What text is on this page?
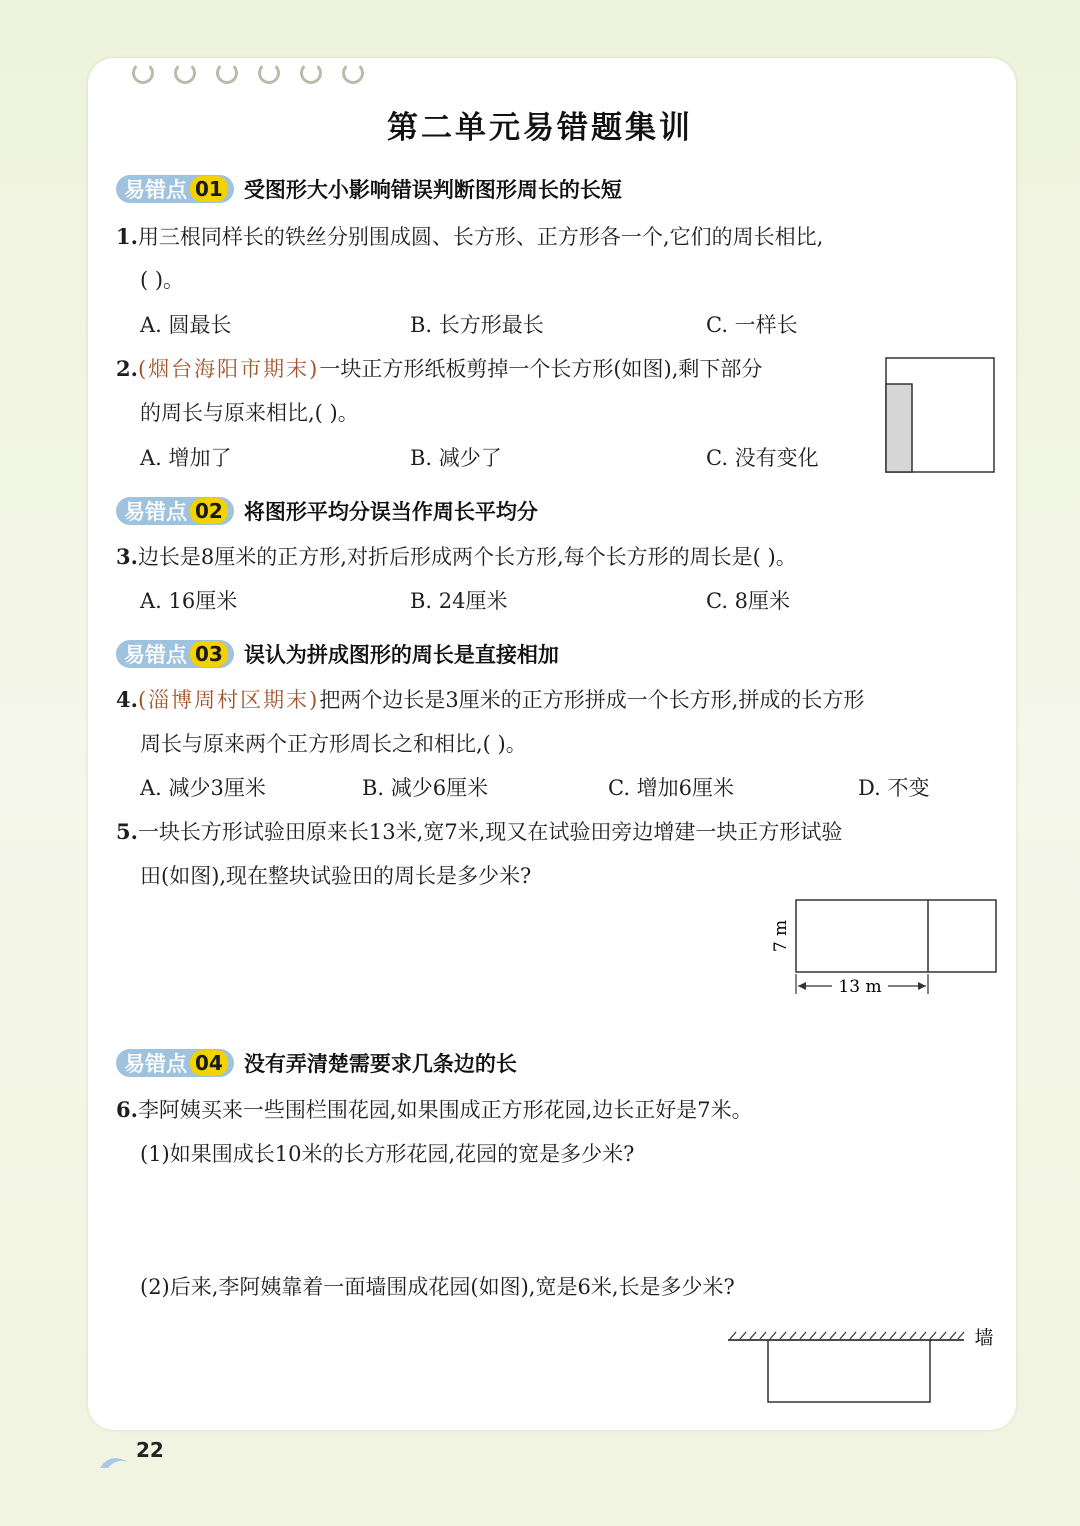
第二单元易错题集训
易错点 01 受图形大小影响错误判断图形周长的长短
1.用三根同样长的铁丝分别围成圆、长方形、正方形各一个,它们的周长相比,
( )。
A. 圆最长	B. 长方形最长	C. 一样长
2.(烟台海阳市期末)一块正方形纸板剪掉一个长方形(如图),剩下部分
的周长与原来相比,( )。
A. 增加了	B. 减少了	C. 没有变化
易错点 02 将图形平均分误当作周长平均分
3.边长是8厘米的正方形,对折后形成两个长方形,每个长方形的周长是( )。
A. 16厘米	B. 24厘米	C. 8厘米
易错点 03 误认为拼成图形的周长是直接相加
4.(淄博周村区期末)把两个边长是3厘米的正方形拼成一个长方形,拼成的长方形
周长与原来两个正方形周长之和相比,( )。
A. 减少3厘米	B. 减少6厘米	C. 增加6厘米	D. 不变
5.一块长方形试验田原来长13米,宽7米,现又在试验田旁边增建一块正方形试验
田(如图),现在整块试验田的周长是多少米?
7 m
13 m
易错点 04 没有弄清楚需要求几条边的长
6.李阿姨买来一些围栏围花园,如果围成正方形花园,边长正好是7米。
(1)如果围成长10米的长方形花园,花园的宽是多少米?
(2)后来,李阿姨靠着一面墙围成花园(如图),宽是6米,长是多少米?
墙
22
